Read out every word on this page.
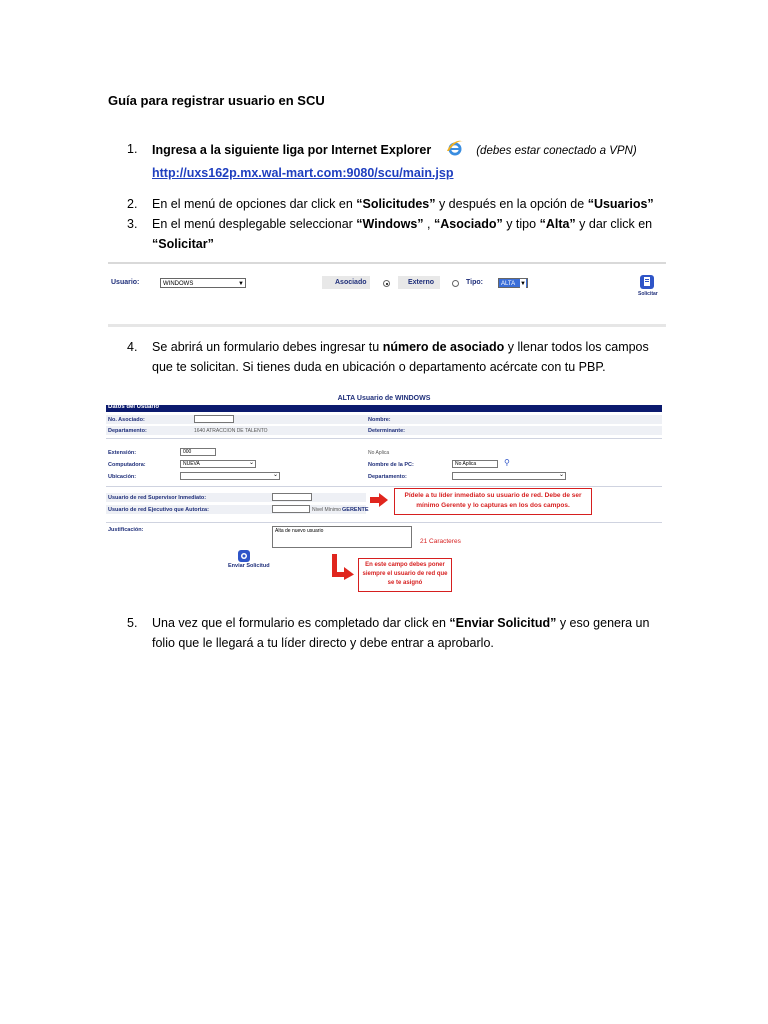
Guía para registrar usuario en SCU
1. Ingresa a la siguiente liga por Internet Explorer	(debes estar conectado a VPN)
http://uxs162p.mx.wal-mart.com:9080/scu/main.jsp
2. En el menú de opciones dar click en “Solicitudes” y después en la opción de “Usuarios”
3. En el menú desplegable seleccionar “Windows” , “Asociado” y tipo “Alta” y dar click en “Solicitar”
Usuario:	WINDOWS	▼	Asociado	Externo	Tipo:	ALTA ▼
Solicitar
4. Se abrirá un formulario debes ingresar tu número de asociado y llenar todos los campos que te solicitan. Si tienes duda en ubicación o departamento acércate con tu PBP.
ALTA Usuario de WINDOWS
Datos del Usuario
No. Asociado:	Nombre:
Departamento:	1640 ATRACCION DE TALENTO	Determinante:
Extensión:	000	No Aplica
Computadora:	NUEVA	⌄	Nombre de la PC:	No Aplica	⚲
Ubicación:	⌄	Departamento:	⌄
Usuario de red Supervisor Inmediato:
Usuario de red Ejecutivo que Autoriza:	Nivel Mínimo GERENTE
Pídele a tu líder inmediato su usuario de red. Debe de ser mínimo Gerente y lo capturas en los dos campos.
Justificación:	Alta de nuevo usuario
21 Caracteres
Enviar Solicitud	En este campo debes poner siempre el usuario de red que se te asignó
5. Una vez que el formulario es completado dar click en “Enviar Solicitud” y eso genera un folio que le llegará a tu líder directo y debe entrar a aprobarlo.
